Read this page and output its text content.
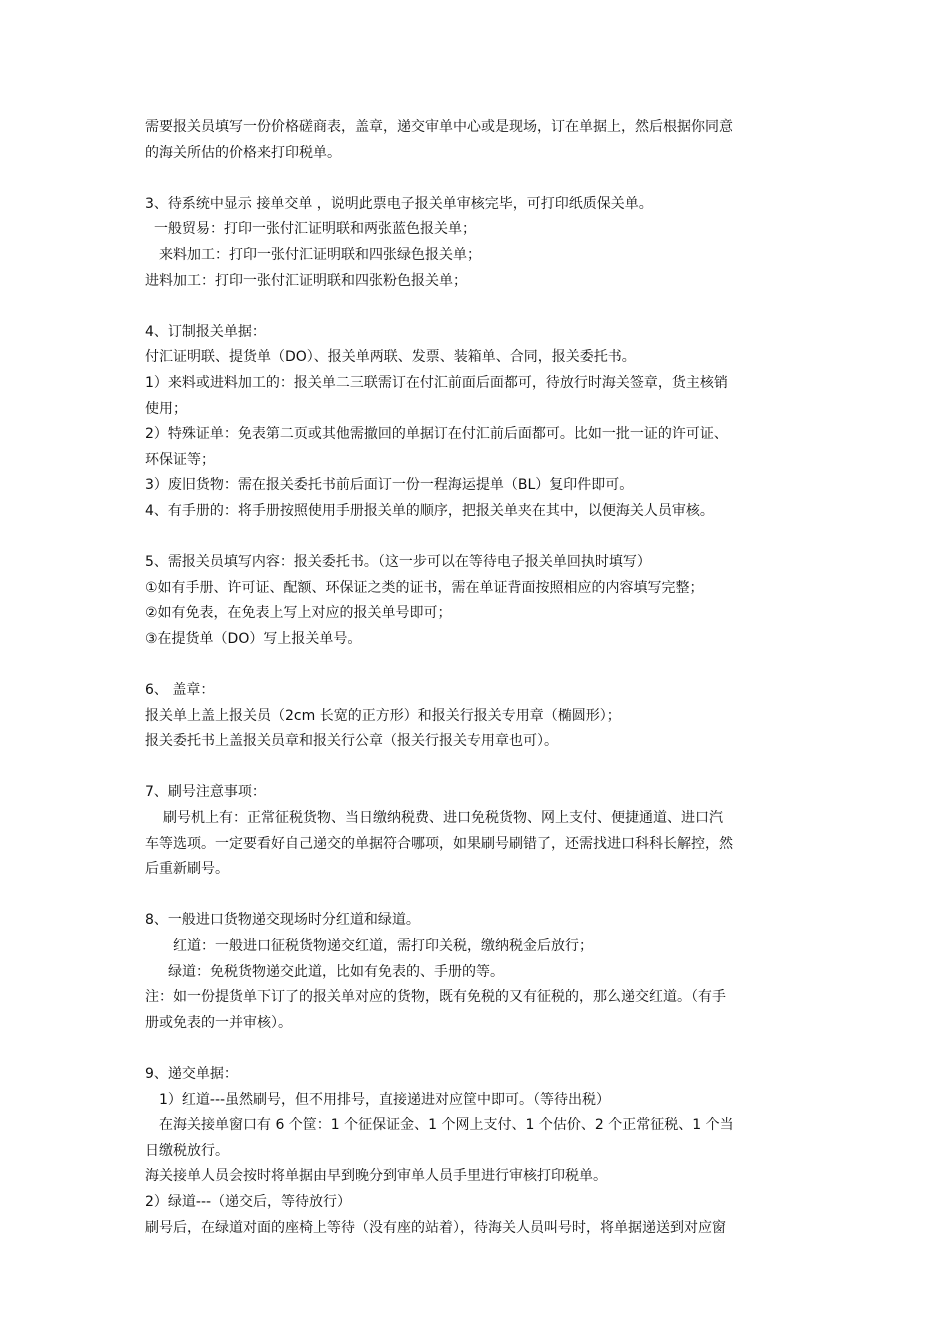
需要报关员填写一份价格磋商表，盖章，递交审单中心或是现场，订在单据上，然后根据你同意
的海关所估的价格来打印税单。
3、待系统中显示 接单交单 ，说明此票电子报关单审核完毕，可打印纸质保关单。
一般贸易：打印一张付汇证明联和两张蓝色报关单；
来料加工：打印一张付汇证明联和四张绿色报关单；
进料加工：打印一张付汇证明联和四张粉色报关单；
4、订制报关单据：
付汇证明联、提货单（DO）、报关单两联、发票、装箱单、合同，报关委托书。
1）来料或进料加工的：报关单二三联需订在付汇前面后面都可，待放行时海关签章，货主核销
使用；
2）特殊证单：免表第二页或其他需撤回的单据订在付汇前后面都可。比如一批一证的许可证、
环保证等；
3）废旧货物：需在报关委托书前后面订一份一程海运提单（BL）复印件即可。
4、有手册的：将手册按照使用手册报关单的顺序，把报关单夹在其中，以便海关人员审核。
5、需报关员填写内容：报关委托书。（这一步可以在等待电子报关单回执时填写）
①如有手册、许可证、配额、环保证之类的证书，需在单证背面按照相应的内容填写完整；
②如有免表，在免表上写上对应的报关单号即可；
③在提货单（DO）写上报关单号。
6、 盖章：
报关单上盖上报关员（2cm 长宽的正方形）和报关行报关专用章（椭圆形）；
报关委托书上盖报关员章和报关行公章（报关行报关专用章也可）。
7、刷号注意事项：
刷号机上有：正常征税货物、当日缴纳税费、进口免税货物、网上支付、便捷通道、进口汽
车等选项。一定要看好自己递交的单据符合哪项，如果刷号刷错了，还需找进口科科长解控，然
后重新刷号。
8、一般进口货物递交现场时分红道和绿道。
红道：一般进口征税货物递交红道，需打印关税，缴纳税金后放行；
绿道：免税货物递交此道，比如有免表的、手册的等。
注：如一份提货单下订了的报关单对应的货物，既有免税的又有征税的，那么递交红道。（有手
册或免表的一并审核）。
9、递交单据：
1）红道---虽然刷号，但不用排号，直接递进对应筐中即可。（等待出税）
在海关接单窗口有 6 个筐：1 个征保证金、1 个网上支付、1 个估价、2 个正常征税、1 个当
日缴税放行。
海关接单人员会按时将单据由早到晚分到审单人员手里进行审核打印税单。
2）绿道---（递交后，等待放行）
刷号后，在绿道对面的座椅上等待（没有座的站着），待海关人员叫号时，将单据递送到对应窗
